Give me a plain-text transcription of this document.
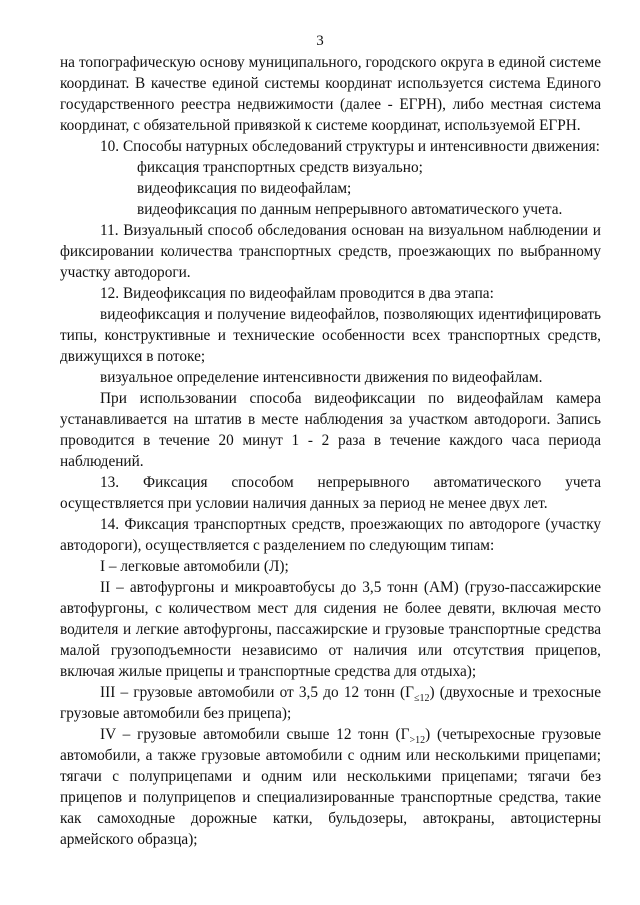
3

на топографическую основу муниципального, городского округа в единой системе координат. В качестве единой системы координат используется система Единого государственного реестра недвижимости (далее - ЕГРН), либо местная система координат, с обязательной привязкой к системе координат, используемой ЕГРН.

10. Способы натурных обследований структуры и интенсивности движения:

фиксация транспортных средств визуально;

видеофиксация по видеофайлам;

видеофиксация по данным непрерывного автоматического учета.

11. Визуальный способ обследования основан на визуальном наблюдении и фиксировании количества транспортных средств, проезжающих по выбранному участку автодороги.

12. Видеофиксация по видеофайлам проводится в два этапа:

видеофиксация и получение видеофайлов, позволяющих идентифицировать типы, конструктивные и технические особенности всех транспортных средств, движущихся в потоке;

визуальное определение интенсивности движения по видеофайлам.

При использовании способа видеофиксации по видеофайлам камера устанавливается на штатив в месте наблюдения за участком автодороги. Запись проводится в течение 20 минут 1 - 2 раза в течение каждого часа периода наблюдений.

13. Фиксация способом непрерывного автоматического учета осуществляется при условии наличия данных за период не менее двух лет.

14. Фиксация транспортных средств, проезжающих по автодороге (участку автодороги), осуществляется с разделением по следующим типам:

I – легковые автомобили (Л);

II – автофургоны и микроавтобусы до 3,5 тонн (АМ) (грузо-пассажирские автофургоны, с количеством мест для сидения не более девяти, включая место водителя и легкие автофургоны, пассажирские и грузовые транспортные средства малой грузоподъемности независимо от наличия или отсутствия прицепов, включая жилые прицепы и транспортные средства для отдыха);

III – грузовые автомобили от 3,5 до 12 тонн $(Г_{\le 12})$ (двухосные и трехосные грузовые автомобили без прицепа);

IV – грузовые автомобили свыше 12 тонн $(Г_{>12})$ (четырехосные грузовые автомобили, а также грузовые автомобили с одним или несколькими прицепами; тягачи с полуприцепами и одним или несколькими прицепами; тягачи без прицепов и полуприцепов и специализированные транспортные средства, такие как самоходные дорожные катки, бульдозеры, автокраны, автоцистерны армейского образца);
